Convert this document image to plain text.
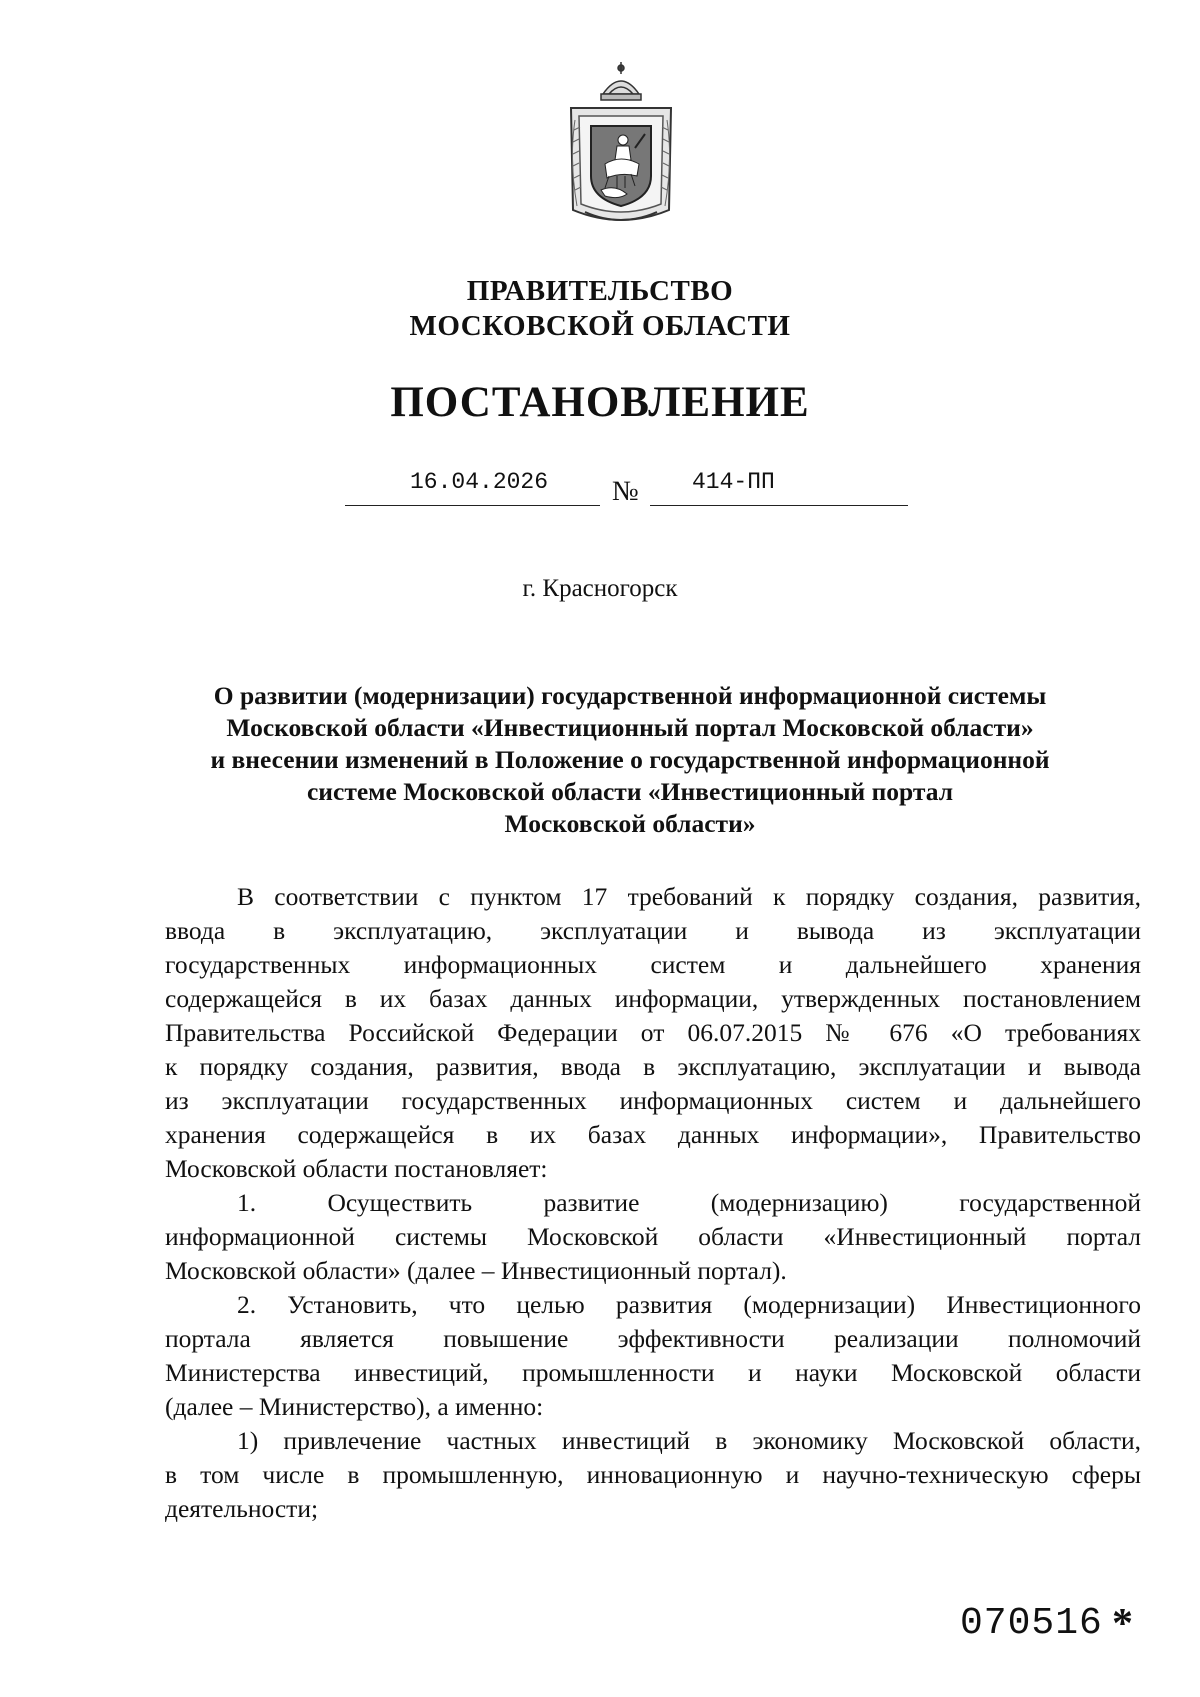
ПРАВИТЕЛЬСТВО
МОСКОВСКОЙ ОБЛАСТИ
ПОСТАНОВЛЕНИЕ
16.04.2026 № 414-ПП
г. Красногорск
О развитии (модернизации) государственной информационной системы
Московской области «Инвестиционный портал Московской области»
и внесении изменений в Положение о государственной информационной
системе Московской области «Инвестиционный портал
Московской области»
В соответствии с пунктом 17 требований к порядку создания, развития,
ввода в эксплуатацию, эксплуатации и вывода из эксплуатации
государственных информационных систем и дальнейшего хранения
содержащейся в их базах данных информации, утвержденных постановлением
Правительства Российской Федерации от 06.07.2015 № 676 «О требованиях
к порядку создания, развития, ввода в эксплуатацию, эксплуатации и вывода
из эксплуатации государственных информационных систем и дальнейшего
хранения содержащейся в их базах данных информации», Правительство
Московской области постановляет:
1. Осуществить развитие (модернизацию) государственной
информационной системы Московской области «Инвестиционный портал
Московской области» (далее – Инвестиционный портал).
2. Установить, что целью развития (модернизации) Инвестиционного
портала является повышение эффективности реализации полномочий
Министерства инвестиций, промышленности и науки Московской области
(далее – Министерство), а именно:
1) привлечение частных инвестиций в экономику Московской области,
в том числе в промышленную, инновационную и научно-техническую сферы
деятельности;
070516 *
